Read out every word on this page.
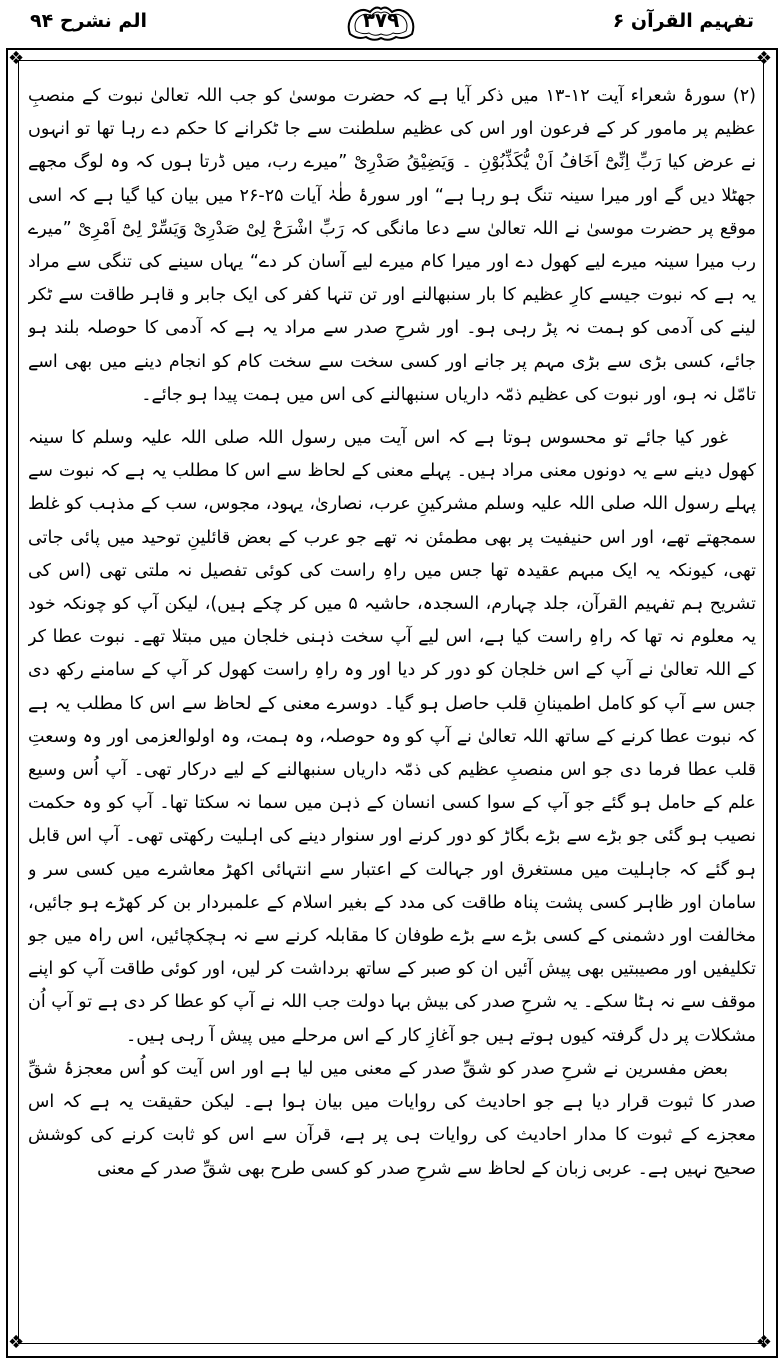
تفہیم القرآن ۶
۳۷۹
الم نشرح ۹۴
❖	❖
❖	❖

(۲) سورۂ شعراء آیت ۱۲-۱۳ میں ذکر آیا ہے کہ حضرت موسیٰ کو جب اللہ تعالیٰ نبوت کے منصبِ عظیم پر مامور کر کے فرعون اور اس کی عظیم سلطنت سے جا ٹکرانے کا حکم دے رہا تھا تو انہوں نے عرض کیا رَبِّ اِنِّیْٓ اَخَافُ اَنْ یُّکَذِّبُوْنِ ۔ وَیَضِیْقُ صَدْرِیْ ”میرے رب، میں ڈرتا ہوں کہ وہ لوگ مجھے جھٹلا دیں گے اور میرا سینہ تنگ ہو رہا ہے“ اور سورۂ طٰہٰ آیات ۲۵-۲۶ میں بیان کیا گیا ہے کہ اسی موقع پر حضرت موسیٰ نے اللہ تعالیٰ سے دعا مانگی کہ رَبِّ اشْرَحْ لِیْ صَدْرِیْ وَیَسِّرْ لِیْٓ اَمْرِیْ ”میرے رب میرا سینہ میرے لیے کھول دے اور میرا کام میرے لیے آسان کر دے“ یہاں سینے کی تنگی سے مراد یہ ہے کہ نبوت جیسے کارِ عظیم کا بار سنبھالنے اور تن تنہا کفر کی ایک جابر و قاہر طاقت سے ٹکر لینے کی آدمی کو ہمت نہ پڑ رہی ہو۔ اور شرحِ صدر سے مراد یہ ہے کہ آدمی کا حوصلہ بلند ہو جائے، کسی بڑی سے بڑی مہم پر جانے اور کسی سخت سے سخت کام کو انجام دینے میں بھی اسے تامّل نہ ہو، اور نبوت کی عظیم ذمّہ داریاں سنبھالنے کی اس میں ہمت پیدا ہو جائے۔

غور کیا جائے تو محسوس ہوتا ہے کہ اس آیت میں رسول اللہ صلی اللہ علیہ وسلم کا سینہ کھول دینے سے یہ دونوں معنی مراد ہیں۔ پہلے معنی کے لحاظ سے اس کا مطلب یہ ہے کہ نبوت سے پہلے رسول اللہ صلی اللہ علیہ وسلم مشرکینِ عرب، نصاریٰ، یہود، مجوس، سب کے مذہب کو غلط سمجھتے تھے، اور اس حنیفیت پر بھی مطمئن نہ تھے جو عرب کے بعض قائلینِ توحید میں پائی جاتی تھی، کیونکہ یہ ایک مبہم عقیدہ تھا جس میں راہِ راست کی کوئی تفصیل نہ ملتی تھی (اس کی تشریح ہم تفہیم القرآن، جلد چہارم، السجدہ، حاشیہ ۵ میں کر چکے ہیں)، لیکن آپ کو چونکہ خود یہ معلوم نہ تھا کہ راہِ راست کیا ہے، اس لیے آپ سخت ذہنی خلجان میں مبتلا تھے۔ نبوت عطا کر کے اللہ تعالیٰ نے آپ کے اس خلجان کو دور کر دیا اور وہ راہِ راست کھول کر آپ کے سامنے رکھ دی جس سے آپ کو کامل اطمینانِ قلب حاصل ہو گیا۔ دوسرے معنی کے لحاظ سے اس کا مطلب یہ ہے کہ نبوت عطا کرنے کے ساتھ اللہ تعالیٰ نے آپ کو وہ حوصلہ، وہ ہمت، وہ اولوالعزمی اور وہ وسعتِ قلب عطا فرما دی جو اس منصبِ عظیم کی ذمّہ داریاں سنبھالنے کے لیے درکار تھی۔ آپ اُس وسیع علم کے حامل ہو گئے جو آپ کے سوا کسی انسان کے ذہن میں سما نہ سکتا تھا۔ آپ کو وہ حکمت نصیب ہو گئی جو بڑے سے بڑے بگاڑ کو دور کرنے اور سنوار دینے کی اہلیت رکھتی تھی۔ آپ اس قابل ہو گئے کہ جاہلیت میں مستغرق اور جہالت کے اعتبار سے انتہائی اکھڑ معاشرے میں کسی سر و سامان اور ظاہر کسی پشت پناہ طاقت کی مدد کے بغیر اسلام کے علمبردار بن کر کھڑے ہو جائیں، مخالفت اور دشمنی کے کسی بڑے سے بڑے طوفان کا مقابلہ کرنے سے نہ ہچکچائیں، اس راہ میں جو تکلیفیں اور مصیبتیں بھی پیش آئیں ان کو صبر کے ساتھ برداشت کر لیں، اور کوئی طاقت آپ کو اپنے موقف سے نہ ہٹا سکے۔ یہ شرحِ صدر کی بیش بہا دولت جب اللہ نے آپ کو عطا کر دی ہے تو آپ اُن مشکلات پر دل گرفتہ کیوں ہوتے ہیں جو آغازِ کار کے اس مرحلے میں پیش آ رہی ہیں۔

بعض مفسرین نے شرحِ صدر کو شقِّ صدر کے معنی میں لیا ہے اور اس آیت کو اُس معجزۂ شقِّ صدر کا ثبوت قرار دیا ہے جو احادیث کی روایات میں بیان ہوا ہے۔ لیکن حقیقت یہ ہے کہ اس معجزے کے ثبوت کا مدار احادیث کی روایات ہی پر ہے، قرآن سے اس کو ثابت کرنے کی کوشش صحیح نہیں ہے۔ عربی زبان کے لحاظ سے شرحِ صدر کو کسی طرح بھی شقِّ صدر کے معنی
